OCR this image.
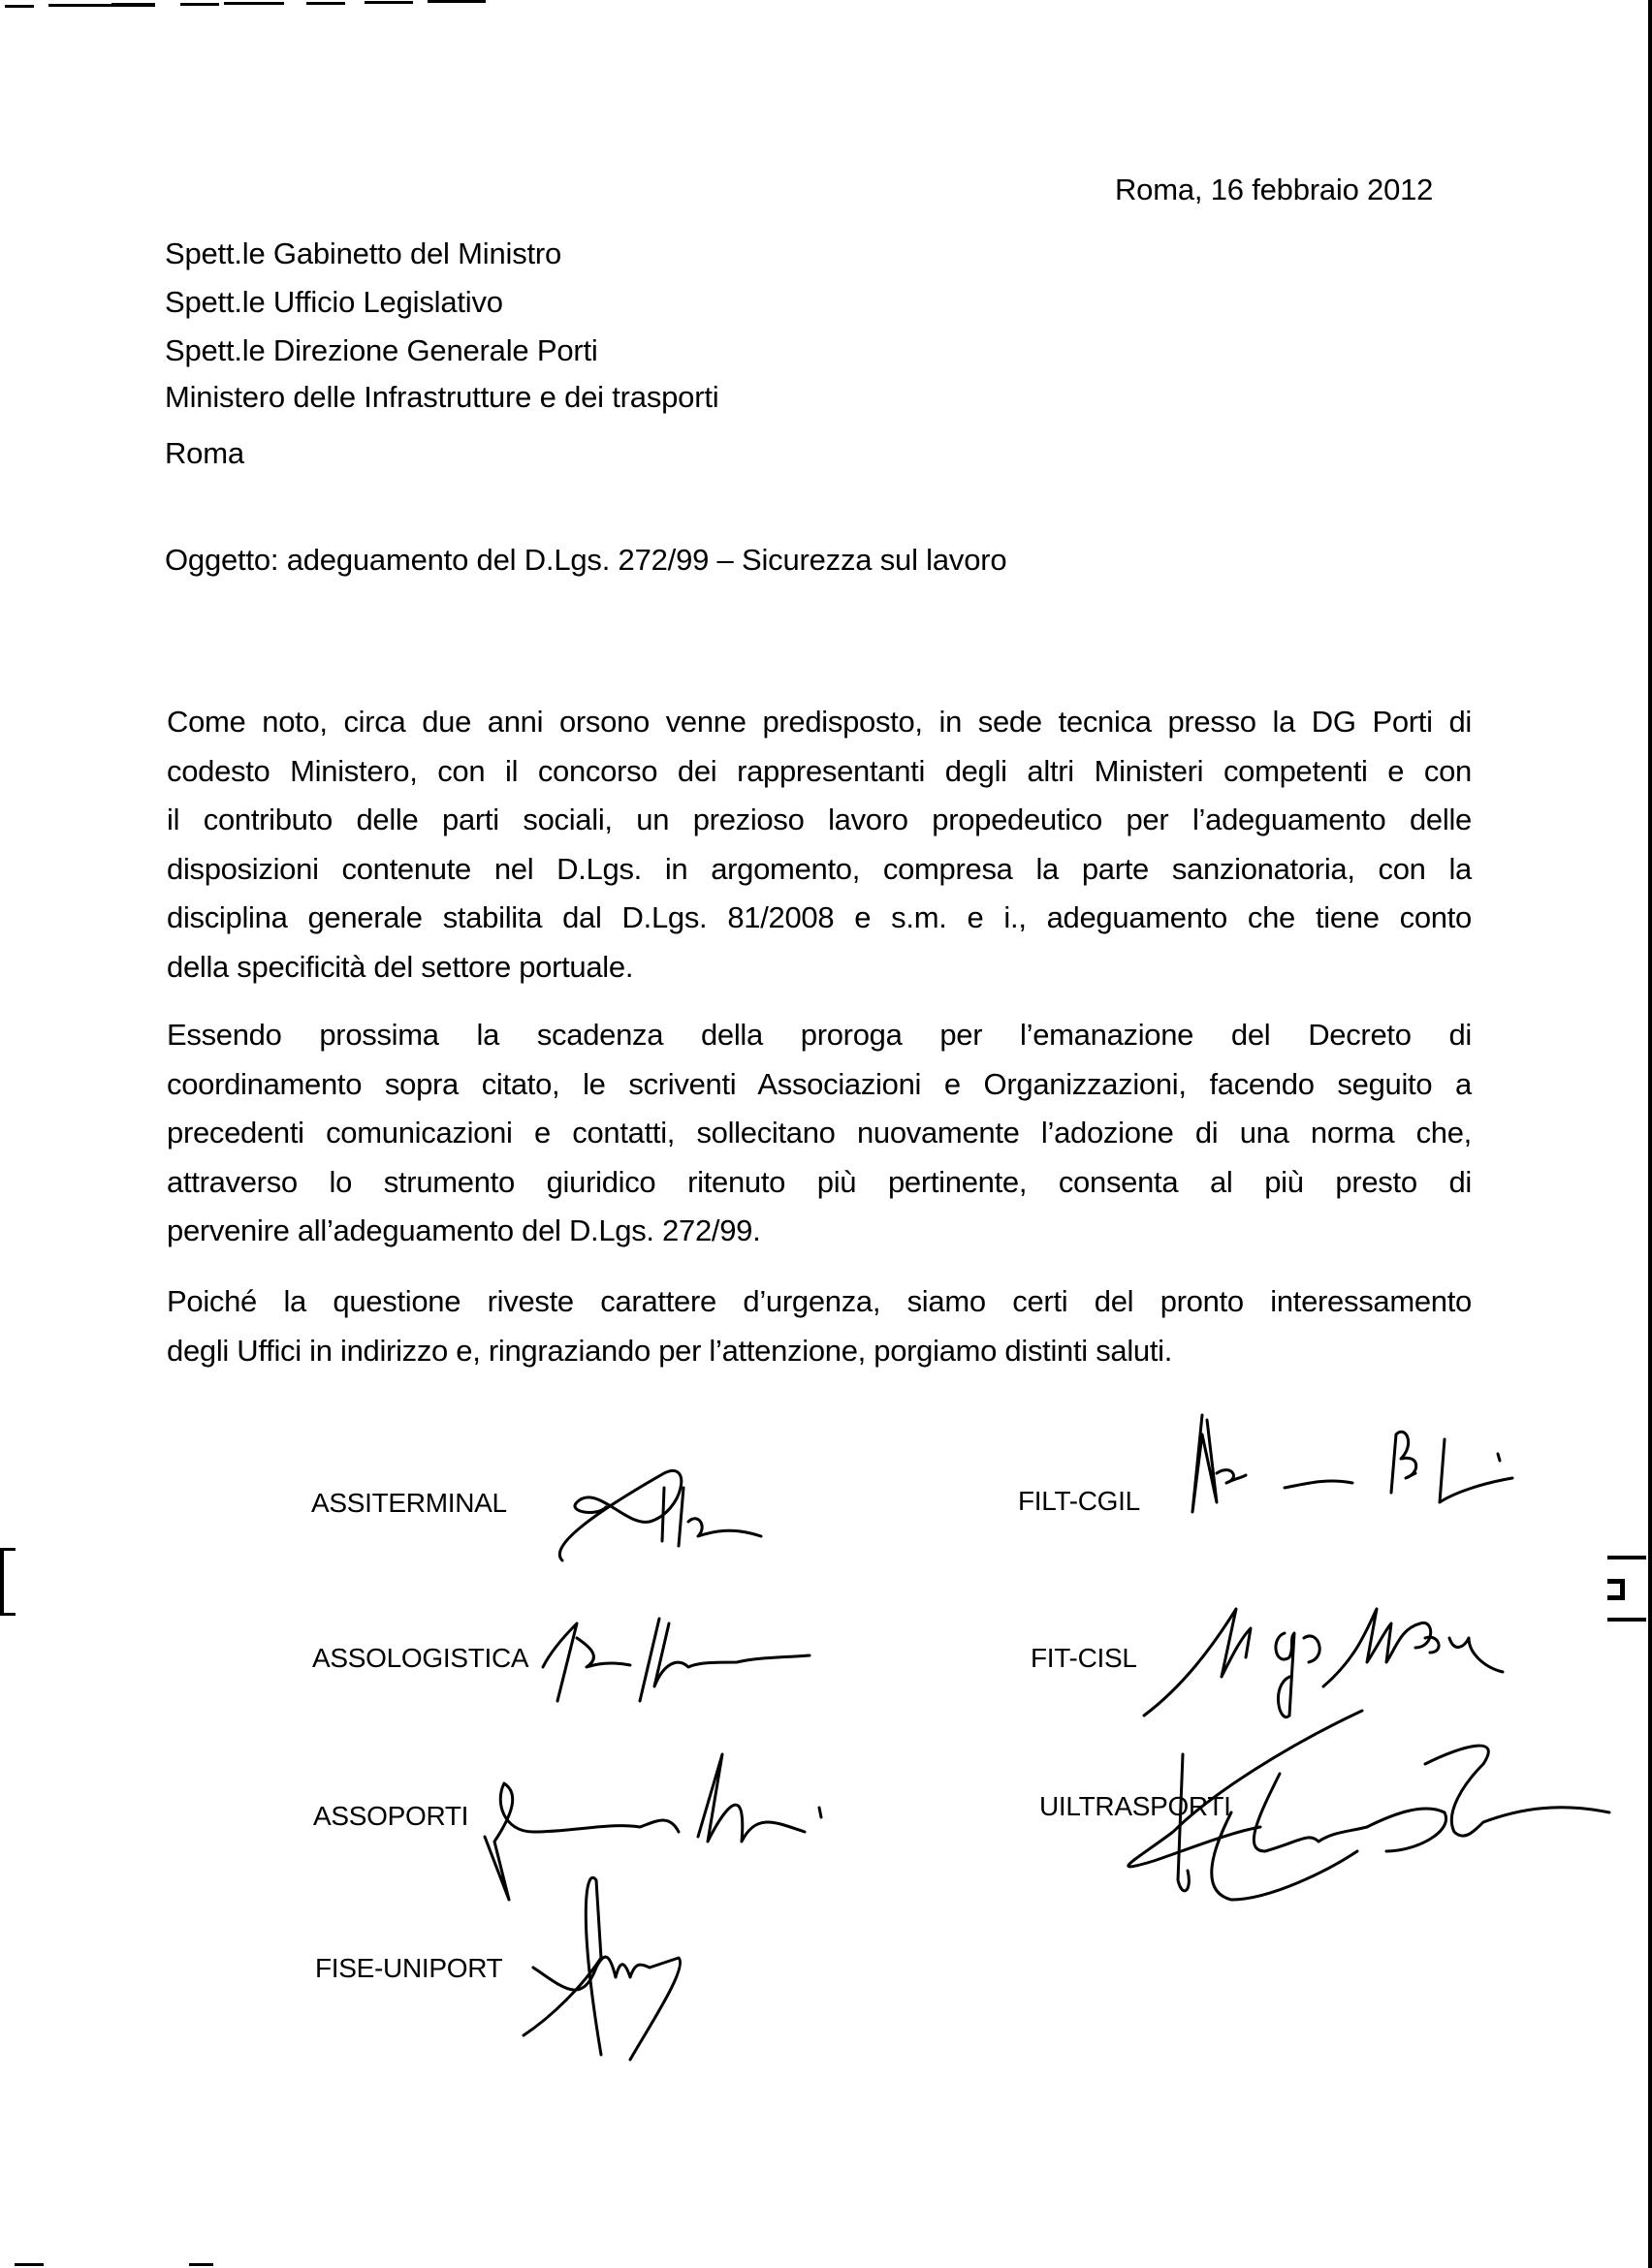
Roma, 16 febbraio 2012
Spett.le Gabinetto del Ministro
Spett.le Ufficio Legislativo
Spett.le Direzione Generale Porti
Ministero delle Infrastrutture e dei trasporti
Roma
Oggetto: adeguamento del D.Lgs. 272/99 – Sicurezza sul lavoro
Come noto, circa due anni orsono venne predisposto, in sede tecnica presso la DG Porti di
codesto Ministero, con il concorso dei rappresentanti degli altri Ministeri competenti e con
il contributo delle parti sociali, un prezioso lavoro propedeutico per l’adeguamento delle
disposizioni contenute nel D.Lgs. in argomento, compresa la parte sanzionatoria, con la
disciplina generale stabilita dal D.Lgs. 81/2008 e s.m. e i., adeguamento che tiene conto
della specificità del settore portuale.
Essendo prossima la scadenza della proroga per l’emanazione del Decreto di
coordinamento sopra citato, le scriventi Associazioni e Organizzazioni, facendo seguito a
precedenti comunicazioni e contatti, sollecitano nuovamente l’adozione di una norma che,
attraverso lo strumento giuridico ritenuto più pertinente, consenta al più presto di
pervenire all’adeguamento del D.Lgs. 272/99.
Poiché la questione riveste carattere d’urgenza, siamo certi del pronto interessamento
degli Uffici in indirizzo e, ringraziando per l’attenzione, porgiamo distinti saluti.
ASSITERMINAL
ASSOLOGISTICA
ASSOPORTI
FISE-UNIPORT
FILT-CGIL
FIT-CISL
UILTRASPORTI
